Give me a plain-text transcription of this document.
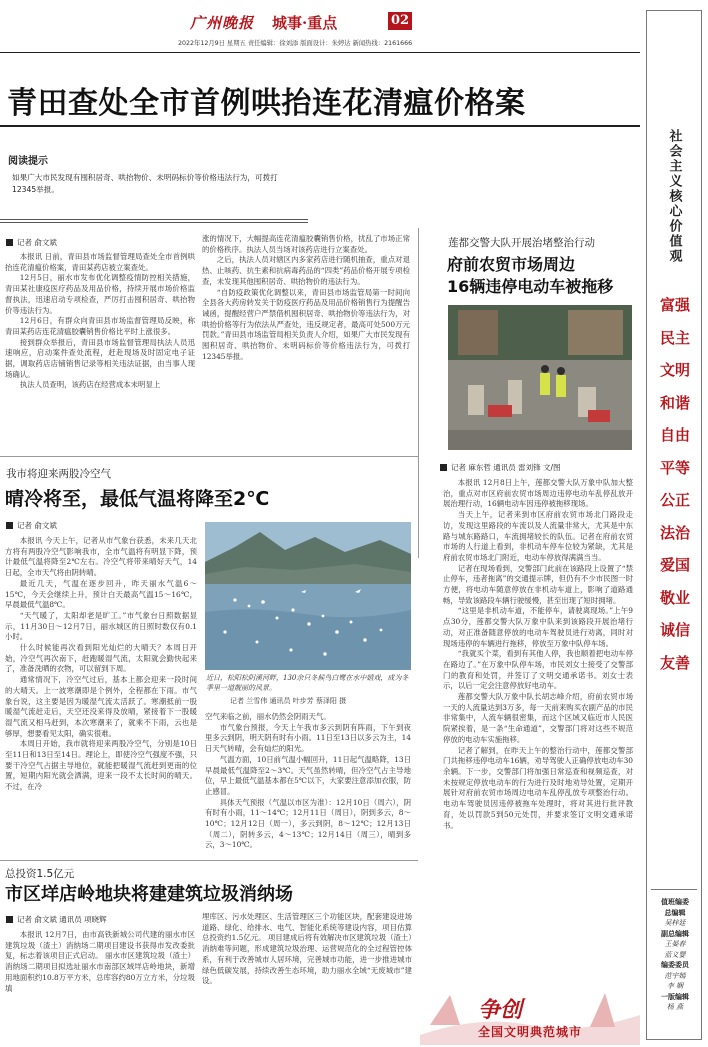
广州晚报 城事·重点	02
2022年12月9日 星期五 责任编辑：徐刘添 版面设计：朱婷达 新闻热线：2161666
青田查处全市首例哄抬连花清瘟价格案
阅读提示
如果广大市民发现有囤积居奇、哄抬物价、未明码标价等价格违法行为，可拨打12345举报。
记者 俞文斌

本报讯 日前，青田县市场监督管理局查处全市首例哄抬连花清瘟价格案，青田某药店被立案查处。

12月5日，丽水市发布优化调整疫情防控相关措施，青田某社康疫医疗药品及用品价格，持续开展市场价格监督执法，迅速启动专项检查，严厉打击囤积居奇、哄抬物价等违法行为。

12月6日，有群众向青田县市场监督管理局反映，称青田某药店连花清瘟胶囊销售价格比平时上涨很多。

接到群众举报后，青田县市场监督管理局执法人员迅速响应，启动案件查处流程，赶赴现场及时固定电子证据，调取药店店铺销售记录等相关违法证据，由当事人现场确认。

执法人员查明，该药店在经营成本未明显上

涨的情况下，大幅提高连花清瘟胶囊销售价格，扰乱了市场正常的价格秩序。执法人员当场对该药店进行立案查处。

之后，执法人员对辖区内多家药店进行随机抽查，重点对退热、止咳药、抗生素和抗病毒药品的“四类”药品价格开展专项检查，未发现其他囤积居奇、哄抬物价的违法行为。

“自防疫政策优化调整以来，青田县市场监管局第一时间向全县各大药房转发关于防疫医疗药品及用品价格销售行为提醒告诫函，提醒经营户严禁借机囤积居奇、哄抬物价等违法行为，对哄抬价格等行为依法从严查处，违反规定者，最高可处500万元罚款。”青田县市场监管局相关负责人介绍，如果广大市民发现有囤积居奇、哄抬物价、未明码标价等价格违法行为，可拨打12345举报。

我市将迎来两股冷空气
晴冷将至，最低气温将降至2℃
记者 俞文斌

本报讯 今天上午，记者从市气象台获悉，未来几天北方将有两股冷空气影响我市，全市气温将有明显下降，预计最低气温将降至2℃左右。冷空气将带来晴好天气，14日起，全市天气将由阴转晴。

最近几天，气温在逐步回升，昨天丽水气温6～15℃，今天会继续上升，预计白天最高气温15～16℃，早晨最低气温8℃。

“天气暖了，太阳却老是旷工。”市气象台日照数据显示，11月30日～12月7日，丽水城区的日照时数仅有0.1小时。

什么时候能再次看到阳光灿烂的大晴天？本周日开始，冷空气再次南下，赶跑暖湿气流，太阳就会勤快起来了，准备洗晒的衣物，可以留到下周。

通常情况下，冷空气过后，基本上都会迎来一段时间的大晴天。上一波寒潮即是个例外，全程都在下雨。市气象台说，这主要是因为暖湿气流太活跃了。寒潮抵前一股暖湿气流赶走后，天空还没来得及放晴，紧接着下一股暖湿气流又相马赶到，本次寒潮来了，就乘不下雨，云也是够厚，想要看见太阳，确实很难。

本周日开始，我市就将迎来两股冷空气，分别是10日至11日和13日至14日。理论上，即使冷空气强度不强，只要干冷空气占据主导地位，就能把暖湿气流赶到更南的位置，短期内阳光就会洒满，迎来一段不太长时间的晴天。不过，在冷

近日，松阳松阴溪河畔，130余只冬候鸟白鹭在水中嬉戏，成为冬季里一道靓丽的风景。
记者 兰雪伟 通讯员 叶步芳 蔡泽阳 摄

空气来临之前，丽水仍然会阴雨天气。

市气象台预报，今天上午我市多云到阴有阵雨，下午到夜里多云到阴，明天阴有时有小雨。11日至13日以多云为主，14日天气转晴，会有灿烂的阳光。

气温方面，10日前气温小幅回升，11日起气温略降，13日早晨最低气温降至2～3℃。天气虽然转晴，但冷空气占主导地位，早上最低气温基本都在5℃以下，大家要注意添加衣服，防止感冒。

具体天气预报（气温以市区为准）：12月10日（周六），阴有时有小雨，11～14℃；12月11日（周日），阴到多云，8～10℃；12月12日（周一），多云到阴，8～12℃；12月13日（周二），阴转多云，4～13℃；12月14日（周三），晴到多云，3～10℃。

莲都交警大队开展治堵整治行动
府前农贸市场周边
16辆违停电动车被拖移
记者 麻东哲 通讯员 雷刘锋 文/图

本报讯 12月8日上午，莲都交警大队万象中队加大整治，重点对市区府前农贸市场周边违停电动车乱停乱放开展治理行动，16辆电动车因违停被拖移现场。

当天上午，记者来到市区府前农贸市场北门路段走访，发现这里路段的车流以及人流量非常大，尤其是中东路与城东路路口，车流拥堵较长的队伍。记者在府前农贸市场的人行道上看到，非机动车停车位较为紧缺，尤其是府前农贸市场北门附近，电动车停放得满满当当。

记者在现场看到，交警部门此前在该路段上设置了“禁止停车，违者拖离”的交通提示牌，但仍有不少市民图一时方便，将电动车随意停放在非机动车道上，影响了道路通畅，导致该路段车辆行驶缓慢，甚至出现了短时拥堵。

“这里是非机动车道，不能停车，请驶离现场。”上午9点30分，莲都交警大队万象中队来到该路段开展治堵行动，对正准备随意停放的电动车驾驶员进行劝离，同时对现场违停的车辆进行拖移，停放至万象中队停车场。

“我就买个菜，看到有其他人停，我也顺着把电动车停在路边了。”在万象中队停车场，市民刘女士接受了交警部门的教育和处罚，并签订了文明交通承诺书。刘女士表示，以后一定会注意停放好电动车。

莲都交警大队万象中队长胡志峰介绍，府前农贸市场一天的人流量达到3万多，每一天前来购买农副产品的市民非常集中，人流车辆很密集，而这个区域又临近市人民医院紧挨着，是一条“生命通道”，交警部门将对这些不规范停放的电动车实施拖移。

记者了解到，在昨天上午的整治行动中，莲都交警部门共拖移违停电动车16辆，劝导驾驶人正确停放电动车30余辆。下一步，交警部门将加强日常巡查和视频巡查，对未按规定停放电动车的行为进行及时地劝导处置，定期开展针对府前农贸市场周边电动车乱停乱放专项整治行动。电动车驾驶员因违停被拖车处理时，将对其进行批评教育，处以罚款5到50元处罚，并要求签订文明交通承诺书。

总投资1.5亿元
市区垟店岭地块将建建筑垃圾消纳场
记者 俞文斌 通讯员 项晓辉

本报讯 12月7日，由市高铁新城公司代建的丽水市区建筑垃圾（渣土）消纳场二期项目建设书获得市发改委批复，标志着该项目正式启动。 丽水市区建筑垃圾（渣土）消纳场二期项目拟选址丽水市南部区域垟店岭地块，新增用地面积约10.8万平方米，总库容约80万立方米，分垃圾填

埋库区、污水处理区、生活管理区三个功能区块，配套建设进场道路、绿化、给排水、电气、智能化系统等建设内容，项目估算总投资约1.5亿元。 项目建成后将有效解决市区建筑垃圾（渣土）消纳难等问题，形成建筑垃圾治理、运营规范化的全过程管控体系，有利于改善城市人居环境，完善城市功能，进一步推进城市绿色低碳发展，持续改善生态环境，助力丽水全域“无废城市”建设。

争创
全国文明典范城市
社会主义核心价值观
富强
民主
文明
和谐
自由
平等
公正
法治
爱国
敬业
诚信
友善
值班编委
总编辑
吴梓廷
副总编辑
王晏春
蓝义婴
编委委员
范宇嫣
李 娴
一版编辑
杨 燕
